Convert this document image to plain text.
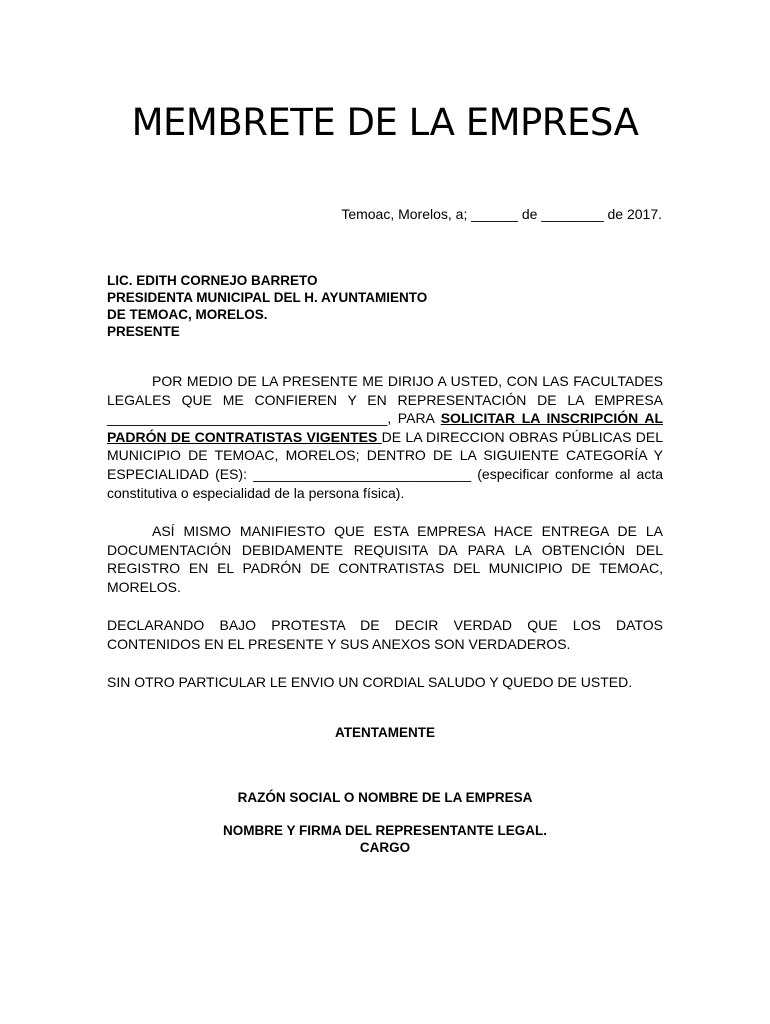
MEMBRETE DE LA EMPRESA
Temoac, Morelos, a; ______ de ________ de 2017.
LIC. EDITH CORNEJO BARRETO
PRESIDENTA MUNICIPAL DEL H. AYUNTAMIENTO
DE TEMOAC, MORELOS.
PRESENTE
POR MEDIO DE LA PRESENTE ME DIRIJO A USTED, CON LAS FACULTADES LEGALES QUE ME CONFIEREN Y EN REPRESENTACIÓN DE LA EMPRESA ____________________________________, PARA SOLICITAR LA INSCRIPCIÓN AL PADRÓN DE CONTRATISTAS VIGENTES DE LA DIRECCION OBRAS PÚBLICAS DEL MUNICIPIO DE TEMOAC, MORELOS; DENTRO DE LA SIGUIENTE CATEGORÍA Y ESPECIALIDAD (ES): ____________________________ (especificar conforme al acta constitutiva o especialidad de la persona física).
ASÍ MISMO MANIFIESTO QUE ESTA EMPRESA HACE ENTREGA DE LA DOCUMENTACIÓN DEBIDAMENTE REQUISITA DA PARA LA OBTENCIÓN DEL REGISTRO EN EL PADRÓN DE CONTRATISTAS DEL MUNICIPIO DE TEMOAC, MORELOS.
DECLARANDO BAJO PROTESTA DE DECIR VERDAD QUE LOS DATOS CONTENIDOS EN EL PRESENTE Y SUS ANEXOS SON VERDADEROS.
SIN OTRO PARTICULAR LE ENVIO UN CORDIAL SALUDO Y QUEDO DE USTED.
ATENTAMENTE
RAZÓN SOCIAL O NOMBRE DE LA EMPRESA
NOMBRE Y FIRMA DEL REPRESENTANTE LEGAL.
CARGO
